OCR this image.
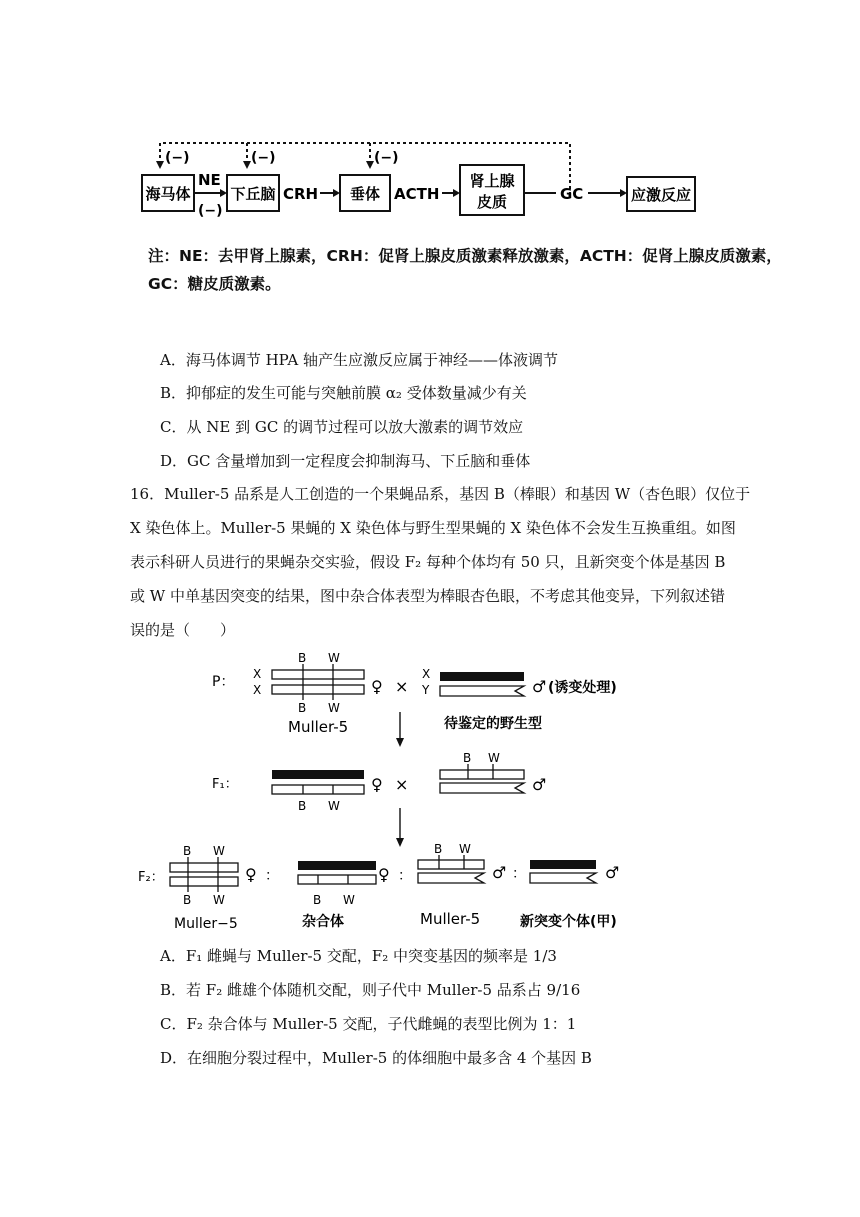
(−)	(−)	(−)
海马体	下丘脑	垂体
肾上腺
皮质	应激反应
NE
(−)
CRH	ACTH	GC
注：NE：去甲肾上腺素，CRH：促肾上腺皮质激素释放激素，ACTH：促肾上腺皮质激素，
GC：糖皮质激素。
A．海马体调节 HPA 轴产生应激反应属于神经——体液调节
B．抑郁症的发生可能与突触前膜 α₂ 受体数量减少有关
C．从 NE 到 GC 的调节过程可以放大激素的调节效应
D．GC 含量增加到一定程度会抑制海马、下丘脑和垂体
16．Muller-5 品系是人工创造的一个果蝇品系，基因 B（棒眼）和基因 W（杏色眼）仅位于
X 染色体上。Muller-5 果蝇的 X 染色体与野生型果蝇的 X 染色体不会发生互换重组。如图
表示科研人员进行的果蝇杂交实验，假设 F₂ 每种个体均有 50 只，且新突变个体是基因 B
或 W 中单基因突变的结果，图中杂合体表型为棒眼杏色眼，不考虑其他变异，下列叙述错
误的是（　　）
P：
B W
X
X
B W
♀ ×
X
Y	♂ (诱变处理)
Muller-5	待鉴定的野生型
F₁：
B W
♀ ×
B W
♂
F₂：
B W
B W
♀ ：
B W
♀ ：
B W
♂ ：	♂
Muller−5	杂合体	Muller-5	新突变个体(甲)
A．F₁ 雌蝇与 Muller-5 交配，F₂ 中突变基因的频率是 1/3
B．若 F₂ 雌雄个体随机交配，则子代中 Muller-5 品系占 9/16
C．F₂ 杂合体与 Muller-5 交配，子代雌蝇的表型比例为 1：1
D．在细胞分裂过程中，Muller-5 的体细胞中最多含 4 个基因 B
